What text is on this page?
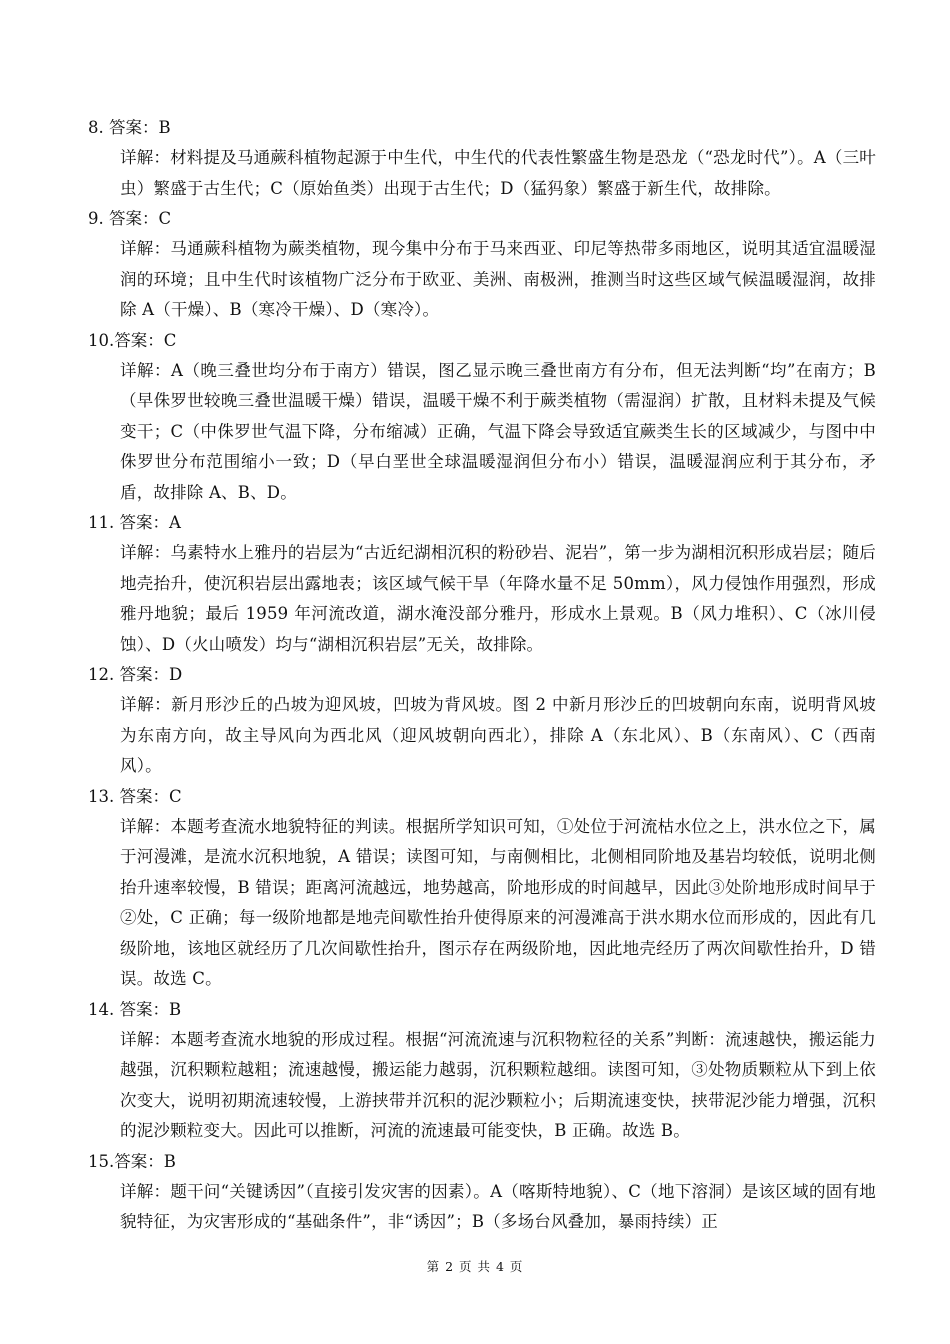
8. 答案：B

详解：材料提及马通蕨科植物起源于中生代，中生代的代表性繁盛生物是恐龙（“恐龙时代”）。A（三叶虫）繁盛于古生代；C（原始鱼类）出现于古生代；D（猛犸象）繁盛于新生代，故排除。

9. 答案：C

详解：马通蕨科植物为蕨类植物，现今集中分布于马来西亚、印尼等热带多雨地区，说明其适宜温暖湿润的环境；且中生代时该植物广泛分布于欧亚、美洲、南极洲，推测当时这些区域气候温暖湿润，故排除 A（干燥）、B（寒冷干燥）、D（寒冷）。

10.答案：C

详解：A（晚三叠世均分布于南方）错误，图乙显示晚三叠世南方有分布，但无法判断“均”在南方；B（早侏罗世较晚三叠世温暖干燥）错误，温暖干燥不利于蕨类植物（需湿润）扩散，且材料未提及气候变干；C（中侏罗世气温下降，分布缩减）正确，气温下降会导致适宜蕨类生长的区域减少，与图中中侏罗世分布范围缩小一致；D（早白垩世全球温暖湿润但分布小）错误，温暖湿润应利于其分布，矛盾，故排除 A、B、D。

11. 答案：A

详解：乌素特水上雅丹的岩层为“古近纪湖相沉积的粉砂岩、泥岩”，第一步为湖相沉积形成岩层；随后地壳抬升，使沉积岩层出露地表；该区域气候干旱（年降水量不足 50mm），风力侵蚀作用强烈，形成雅丹地貌；最后 1959 年河流改道，湖水淹没部分雅丹，形成水上景观。B（风力堆积）、C（冰川侵蚀）、D（火山喷发）均与“湖相沉积岩层”无关，故排除。

12. 答案：D

详解：新月形沙丘的凸坡为迎风坡，凹坡为背风坡。图 2 中新月形沙丘的凹坡朝向东南，说明背风坡为东南方向，故主导风向为西北风（迎风坡朝向西北），排除 A（东北风）、B（东南风）、C（西南风）。

13. 答案：C

详解：本题考查流水地貌特征的判读。根据所学知识可知，①处位于河流枯水位之上，洪水位之下，属于河漫滩，是流水沉积地貌，A 错误；读图可知，与南侧相比，北侧相同阶地及基岩均较低，说明北侧抬升速率较慢，B 错误；距离河流越远，地势越高，阶地形成的时间越早，因此③处阶地形成时间早于②处，C 正确；每一级阶地都是地壳间歇性抬升使得原来的河漫滩高于洪水期水位而形成的，因此有几级阶地，该地区就经历了几次间歇性抬升，图示存在两级阶地，因此地壳经历了两次间歇性抬升，D 错误。故选 C。

14. 答案：B

详解：本题考查流水地貌的形成过程。根据“河流流速与沉积物粒径的关系”判断：流速越快，搬运能力越强，沉积颗粒越粗；流速越慢，搬运能力越弱，沉积颗粒越细。读图可知，③处物质颗粒从下到上依次变大，说明初期流速较慢，上游挟带并沉积的泥沙颗粒小；后期流速变快，挟带泥沙能力增强，沉积的泥沙颗粒变大。因此可以推断，河流的流速最可能变快，B 正确。故选 B。

15.答案：B

详解：题干问“关键诱因”（直接引发灾害的因素）。A（喀斯特地貌）、C（地下溶洞）是该区域的固有地貌特征，为灾害形成的“基础条件”，非“诱因”；B（多场台风叠加，暴雨持续）正

第 2 页 共 4 页
